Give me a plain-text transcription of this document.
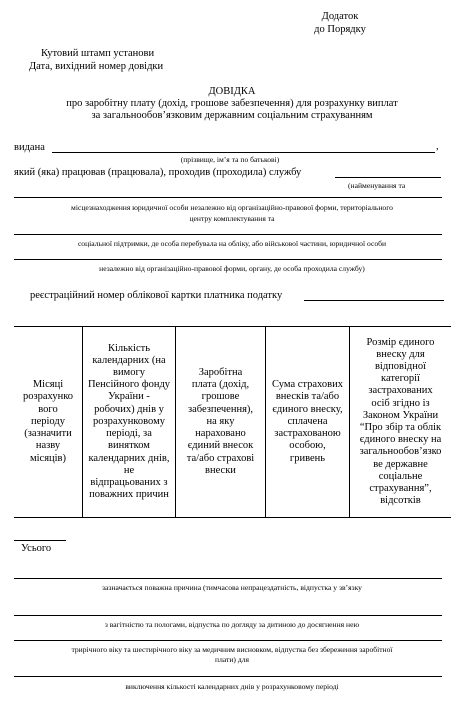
Додаток
до Порядку
Кутовий штамп установи
Дата, вихідний номер довідки
ДОВІДКА
про заробітну плату (дохід, грошове забезпечення) для розрахунку виплат
за загальнообов’язковим державним соціальним страхуванням
видана	,
(прізвище, ім’я та по батькові)
який (яка) працював (працювала), проходив (проходила) службу
(найменування та
місцезнаходження юридичної особи незалежно від організаційно-правової форми, територіального
центру комплектування та
соціальної підтримки, де особа перебувала на обліку, або військової частини, юридичної особи
незалежно від організаційно-правової форми, органу, де особа проходила службу)
реєстраційний номер облікової картки платника податку
Місяці
розрахунко
вого
періоду
(зазначити
назву
місяців)
Кількість
календарних (на
вимогу
Пенсійного фонду
України -
робочих) днів у
розрахунковому
періоді, за
винятком
календарних днів,
не
відпрацьованих з
поважних причин
Заробітна
плата (дохід,
грошове
забезпечення),
на яку
нараховано
єдиний внесок
та/або страхові
внески
Сума страхових
внесків та/або
єдиного внеску,
сплачена
застрахованою
особою,
гривень
Розмір єдиного
внеску для
відповідної
категорії
застрахованих
осіб згідно із
Законом України
“Про збір та облік
єдиного внеску на
загальнообов’язко
ве державне
соціальне
страхування”,
відсотків
Усього
зазначається поважна причина (тимчасова непрацездатність, відпустка у зв’язку
з вагітністю та пологами, відпустка по догляду за дитиною до досягнення нею
трирічного віку та шестирічного віку за медичним висновком, відпустка без збереження заробітної
плати) для
виключення кількості календарних днів у розрахунковому періоді
